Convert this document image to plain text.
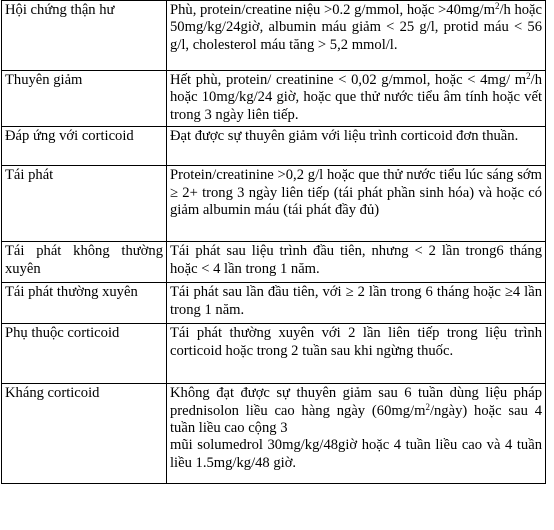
Hội chứng thận hư	Phù, protein/creatine niệu >0.2 g/mmol, hoặc $>40mg/m^2/h$ hoặc 50mg/kg/24giờ, albumin máu giảm < 25 g/l, protid máu < 56 g/l, cholesterol máu tăng > 5,2 mmol/l.
Thuyên giảm	Hết phù, protein/ creatinine < 0,02 g/mmol, hoặc < 4mg/ $m^2/h$ hoặc 10mg/kg/24 giờ, hoặc que thử nước tiểu âm tính hoặc vết trong 3 ngày liên tiếp.
Đáp ứng với corticoid	Đạt được sự thuyên giảm với liệu trình corticoid đơn thuần.
Tái phát	Protein/creatinine >0,2 g/l hoặc que thử nước tiểu lúc sáng sớm ≥ 2+ trong 3 ngày liên tiếp (tái phát phần sinh hóa) và hoặc có giảm albumin máu (tái phát đầy đủ)

Tái phát không thường xuyên	Tái phát sau liệu trình đầu tiên, nhưng < 2 lần trong6 tháng hoặc < 4 lần trong 1 năm.

Tái phát thường xuyên	Tái phát sau lần đầu tiên, với ≥ 2 lần trong 6 tháng hoặc ≥4 lần trong 1 năm.
Phụ thuộc corticoid	Tái phát thường xuyên với 2 lần liên tiếp trong liệu trình corticoid hoặc trong 2 tuần sau khi ngừng thuốc.
Kháng corticoid	Không đạt được sự thuyên giảm sau 6 tuần dùng liệu pháp prednisolon liều cao hàng ngày $(60mg/m^2/ngày)$ hoặc sau 4 tuần liều cao cộng 3
mũi solumedrol 30mg/kg/48giờ hoặc 4 tuần liều cao và 4 tuần liều 1.5mg/kg/48 giờ.
